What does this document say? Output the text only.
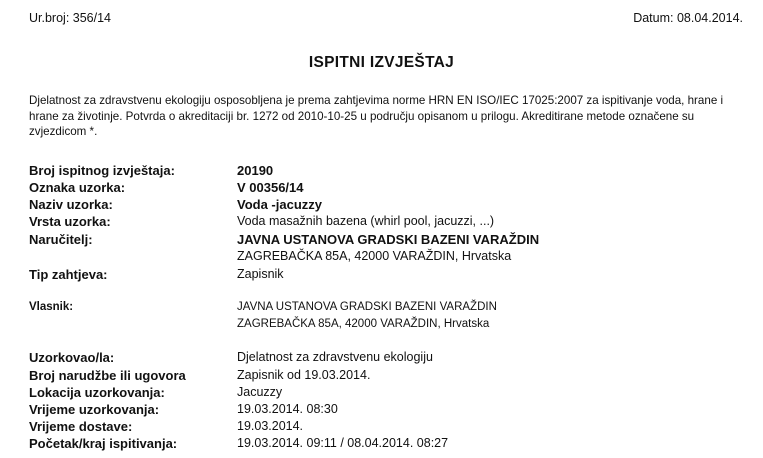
Ur.broj: 356/14	Datum: 08.04.2014.
ISPITNI IZVJEŠTAJ
Djelatnost za zdravstvenu ekologiju osposobljena je prema zahtjevima norme HRN EN ISO/IEC 17025:2007 za ispitivanje voda, hrane i
hrane za životinje. Potvrda o akreditaciji br. 1272 od 2010-10-25 u području opisanom u prilogu. Akreditirane metode označene su
zvjezdicom *.
Broj ispitnog izvještaja:	20190
Oznaka uzorka:	V 00356/14
Naziv uzorka:	Voda -jacuzzy
Vrsta uzorka:	Voda masažnih bazena (whirl pool, jacuzzi, ...)
Naručitelj:	JAVNA USTANOVA GRADSKI BAZENI VARAŽDIN
ZAGREBAČKA 85A, 42000 VARAŽDIN, Hrvatska
Tip zahtjeva:	Zapisnik
Vlasnik:	JAVNA USTANOVA GRADSKI BAZENI VARAŽDIN
ZAGREBAČKA 85A, 42000 VARAŽDIN, Hrvatska
Uzorkovao/la:	Djelatnost za zdravstvenu ekologiju
Broj narudžbe ili ugovora	Zapisnik od 19.03.2014.
Lokacija uzorkovanja:	Jacuzzy
Vrijeme uzorkovanja:	19.03.2014. 08:30
Vrijeme dostave:	19.03.2014.
Početak/kraj ispitivanja:	19.03.2014. 09:11 / 08.04.2014. 08:27
